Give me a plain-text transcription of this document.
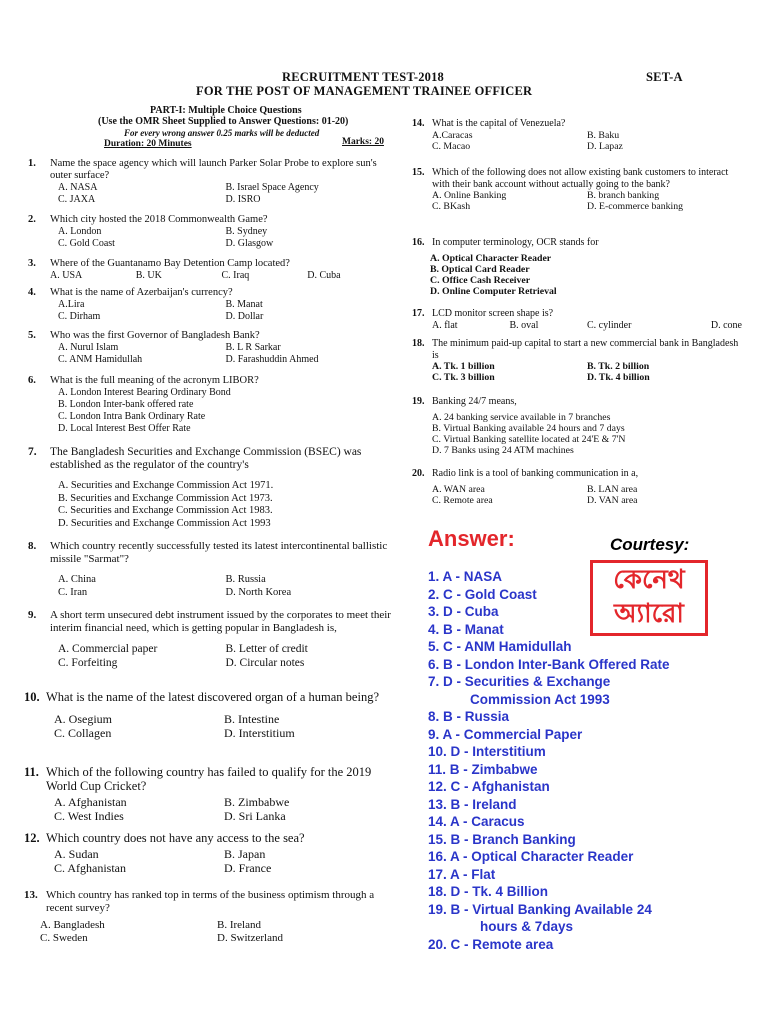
RECRUITMENT TEST-2018	SET-A
FOR THE POST OF MANAGEMENT TRAINEE OFFICER
PART-I: Multiple Choice Questions
(Use the OMR Sheet Supplied to Answer Questions: 01-20)
For every wrong answer 0.25 marks will be deducted
Duration: 20 Minutes	Marks: 20
1.	Name the space agency which will launch Parker Solar Probe to explore sun's outer surface?
A. NASA	B. Israel Space Agency
C. JAXA	D. ISRO
2.	Which city hosted the 2018 Commonwealth Game?
A. London	B. Sydney
C. Gold Coast	D. Glasgow
3.	Where of the Guantanamo Bay Detention Camp located?
A. USA	B. UK	C. Iraq	D. Cuba
4.	What is the name of Azerbaijan's currency?
A.Lira	B. Manat
C. Dirham	D. Dollar
5.	Who was the first Governor of Bangladesh Bank?
A. Nurul Islam	B. L R Sarkar
C. ANM Hamidullah	D. Farashuddin Ahmed
6.	What is the full meaning of the acronym LIBOR?
A. London Interest Bearing Ordinary Bond
B. London Inter-bank offered rate
C. London Intra Bank Ordinary Rate
D. Local Interest Best Offer Rate
7.	The Bangladesh Securities and Exchange Commission (BSEC) was established as the regulator of the country's
A. Securities and Exchange Commission Act 1971.
B. Securities and Exchange Commission Act 1973.
C. Securities and Exchange Commission Act 1983.
D. Securities and Exchange Commission Act 1993
8.	Which country recently successfully tested its latest intercontinental ballistic missile "Sarmat"?
A. China	B. Russia
C. Iran	D. North Korea
9.	A short term unsecured debt instrument issued by the corporates to meet their interim financial need, which is getting popular in Bangladesh is,
A. Commercial paper	B. Letter of credit
C. Forfeiting	D. Circular notes
10. What is the name of the latest discovered organ of a human being?
A. Osegium	B. Intestine
C. Collagen	D. Interstitium
11. Which of the following country has failed to qualify for the 2019 World Cup Cricket?
A. Afghanistan	B. Zimbabwe
C. West Indies	D. Sri Lanka
12. Which country does not have any access to the sea?
A. Sudan	B. Japan
C. Afghanistan	D. France
13. Which country has ranked top in terms of the business optimism through a recent survey?
A. Bangladesh	B. Ireland
C. Sweden	D. Switzerland
14. What is the capital of Venezuela?
A.Caracas	B. Baku
C. Macao	D. Lapaz
15. Which of the following does not allow existing bank customers to interact with their bank account without actually going to the bank?
A. Online Banking	B. branch banking
C. BKash	D. E-commerce banking
16. In computer terminology, OCR stands for
A. Optical Character Reader
B. Optical Card Reader
C. Office Cash Receiver
D. Online Computer Retrieval
17. LCD monitor screen shape is?
A. flat	B. oval	C. cylinder	D. cone
18. The minimum paid-up capital to start a new commercial bank in Bangladesh is
A. Tk. 1 billion	B. Tk. 2 billion
C. Tk. 3 billion	D. Tk. 4 billion
19. Banking 24/7 means,
A. 24 banking service available in 7 branches
B. Virtual Banking available 24 hours and 7 days
C. Virtual Banking satellite located at 24'E & 7'N
D. 7 Banks using 24 ATM machines
20. Radio link is a tool of banking communication in a,
A. WAN area	B. LAN area
C. Remote area	D. VAN area
Answer:	Courtesy:
কেনেথ
অ্যারো
1. A - NASA
2. C - Gold Coast
3. D - Cuba
4. B - Manat
5. C - ANM Hamidullah
6. B - London Inter-Bank Offered Rate
7. D - Securities & Exchange
Commission Act 1993
8. B - Russia
9. A - Commercial Paper
10. D - Interstitium
11. B - Zimbabwe
12. C - Afghanistan
13. B - Ireland
14. A - Caracus
15. B - Branch Banking
16. A - Optical Character Reader
17. A - Flat
18. D - Tk. 4 Billion
19. B - Virtual Banking Available 24
hours & 7days
20. C - Remote area
